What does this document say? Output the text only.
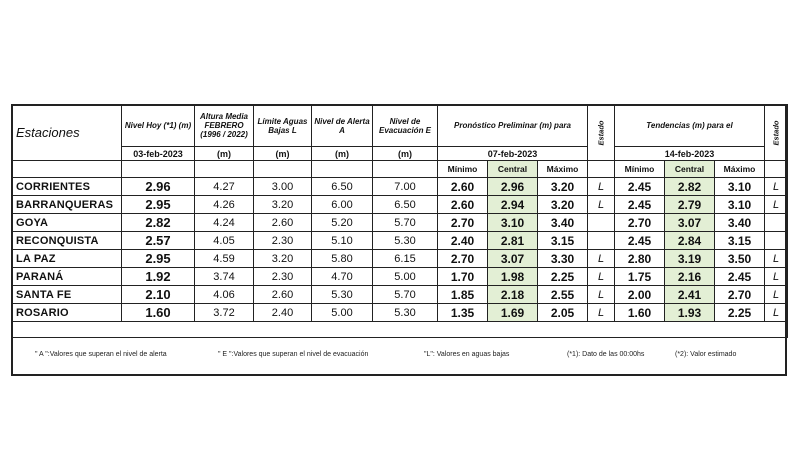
Estaciones	Nivel Hoy (*1) (m)	Altura Media FEBRERO (1996 / 2022)	Límite Aguas Bajas L	Nivel de Alerta A	Nivel de Evacuación E	Pronóstico Preliminar (m) para			Estado	Tendencias (m) para el			Estado

	03-feb-2023	(m)	(m)	(m)	(m)	07-feb-2023				14-feb-2023			
						Mínimo	Central	Máximo		Mínimo	Central	Máximo	
CORRIENTES	2.96	4.27	3.00	6.50	7.00	2.60	2.96	3.20	L	2.45	2.82	3.10	L
BARRANQUERAS	2.95	4.26	3.20	6.00	6.50	2.60	2.94	3.20	L	2.45	2.79	3.10	L
GOYA	2.82	4.24	2.60	5.20	5.70	2.70	3.10	3.40		2.70	3.07	3.40	
RECONQUISTA	2.57	4.05	2.30	5.10	5.30	2.40	2.81	3.15		2.45	2.84	3.15	
LA PAZ	2.95	4.59	3.20	5.80	6.15	2.70	3.07	3.30	L	2.80	3.19	3.50	L
PARANÁ	1.92	3.74	2.30	4.70	5.00	1.70	1.98	2.25	L	1.75	2.16	2.45	L
SANTA FE	2.10	4.06	2.60	5.30	5.70	1.85	2.18	2.55	L	2.00	2.41	2.70	L
ROSARIO	1.60	3.72	2.40	5.00	5.30	1.35	1.69	2.05	L	1.60	1.93	2.25	L

" A ":Valores que superan el nivel de alerta	" E ":Valores que superan el nivel de evacuación	"L": Valores en aguas bajas	(*1): Dato de las 00:00hs	(*2): Valor estimado
